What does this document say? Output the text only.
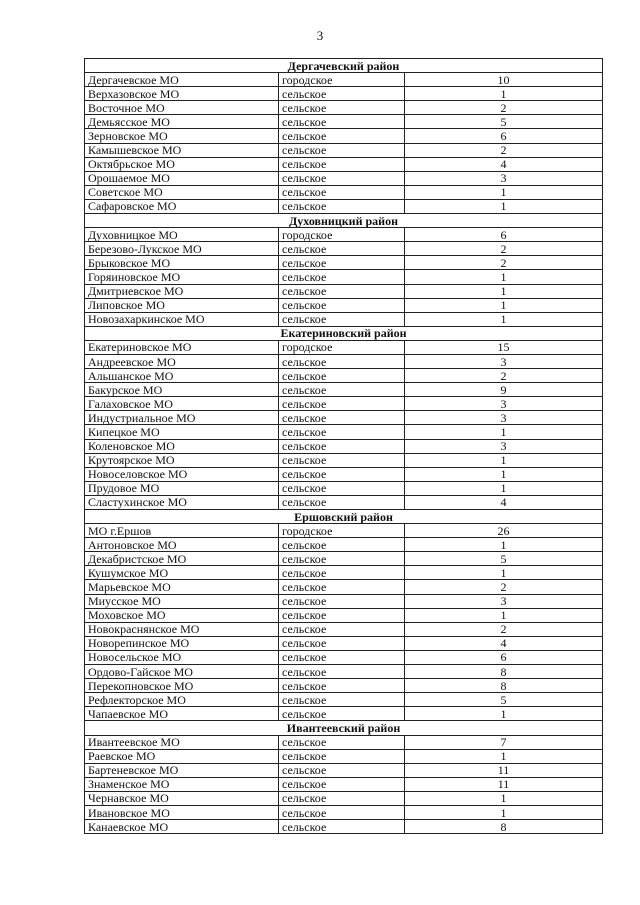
3
Дергачевский район		
Дергачевское МО	городское	10
Верхазовское МО	сельское	1
Восточное МО	сельское	2
Демьясское МО	сельское	5
Зерновское МО	сельское	6
Камышевское МО	сельское	2
Октябрьское МО	сельское	4
Орошаемое МО	сельское	3
Советское МО	сельское	1
Сафаровское МО	сельское	1
Духовницкий район		
Духовницкое МО	городское	6
Березово-Лукское МО	сельское	2
Брыковское МО	сельское	2
Горяиновское МО	сельское	1
Дмитриевское МО	сельское	1
Липовское МО	сельское	1
Новозахаркинское МО	сельское	1
Екатериновский район		
Екатериновское МО	городское	15
Андреевское МО	сельское	3
Альшанское МО	сельское	2
Бакурское МО	сельское	9
Галаховское МО	сельское	3
Индустриальное МО	сельское	3
Кипецкое МО	сельское	1
Коленовское МО	сельское	3
Крутоярское МО	сельское	1
Новоселовское МО	сельское	1
Прудовое МО	сельское	1
Сластухинское МО	сельское	4
Ершовский район		
МО г.Ершов	городское	26
Антоновское МО	сельское	1
Декабристское МО	сельское	5
Кушумское МО	сельское	1
Марьевское МО	сельское	2
Миусское МО	сельское	3
Моховское МО	сельское	1
Новокраснянское МО	сельское	2
Новорепинское МО	сельское	4
Новосельское МО	сельское	6
Ордово-Гайское МО	сельское	8
Перекопновское МО	сельское	8
Рефлекторское МО	сельское	5
Чапаевское МО	сельское	1
Ивантеевский район		
Ивантеевское МО	сельское	7
Раевское МО	сельское	1
Бартеневское МО	сельское	11
Знаменское МО	сельское	11
Чернавское МО	сельское	1
Ивановское МО	сельское	1
Канаевское МО	сельское	8
